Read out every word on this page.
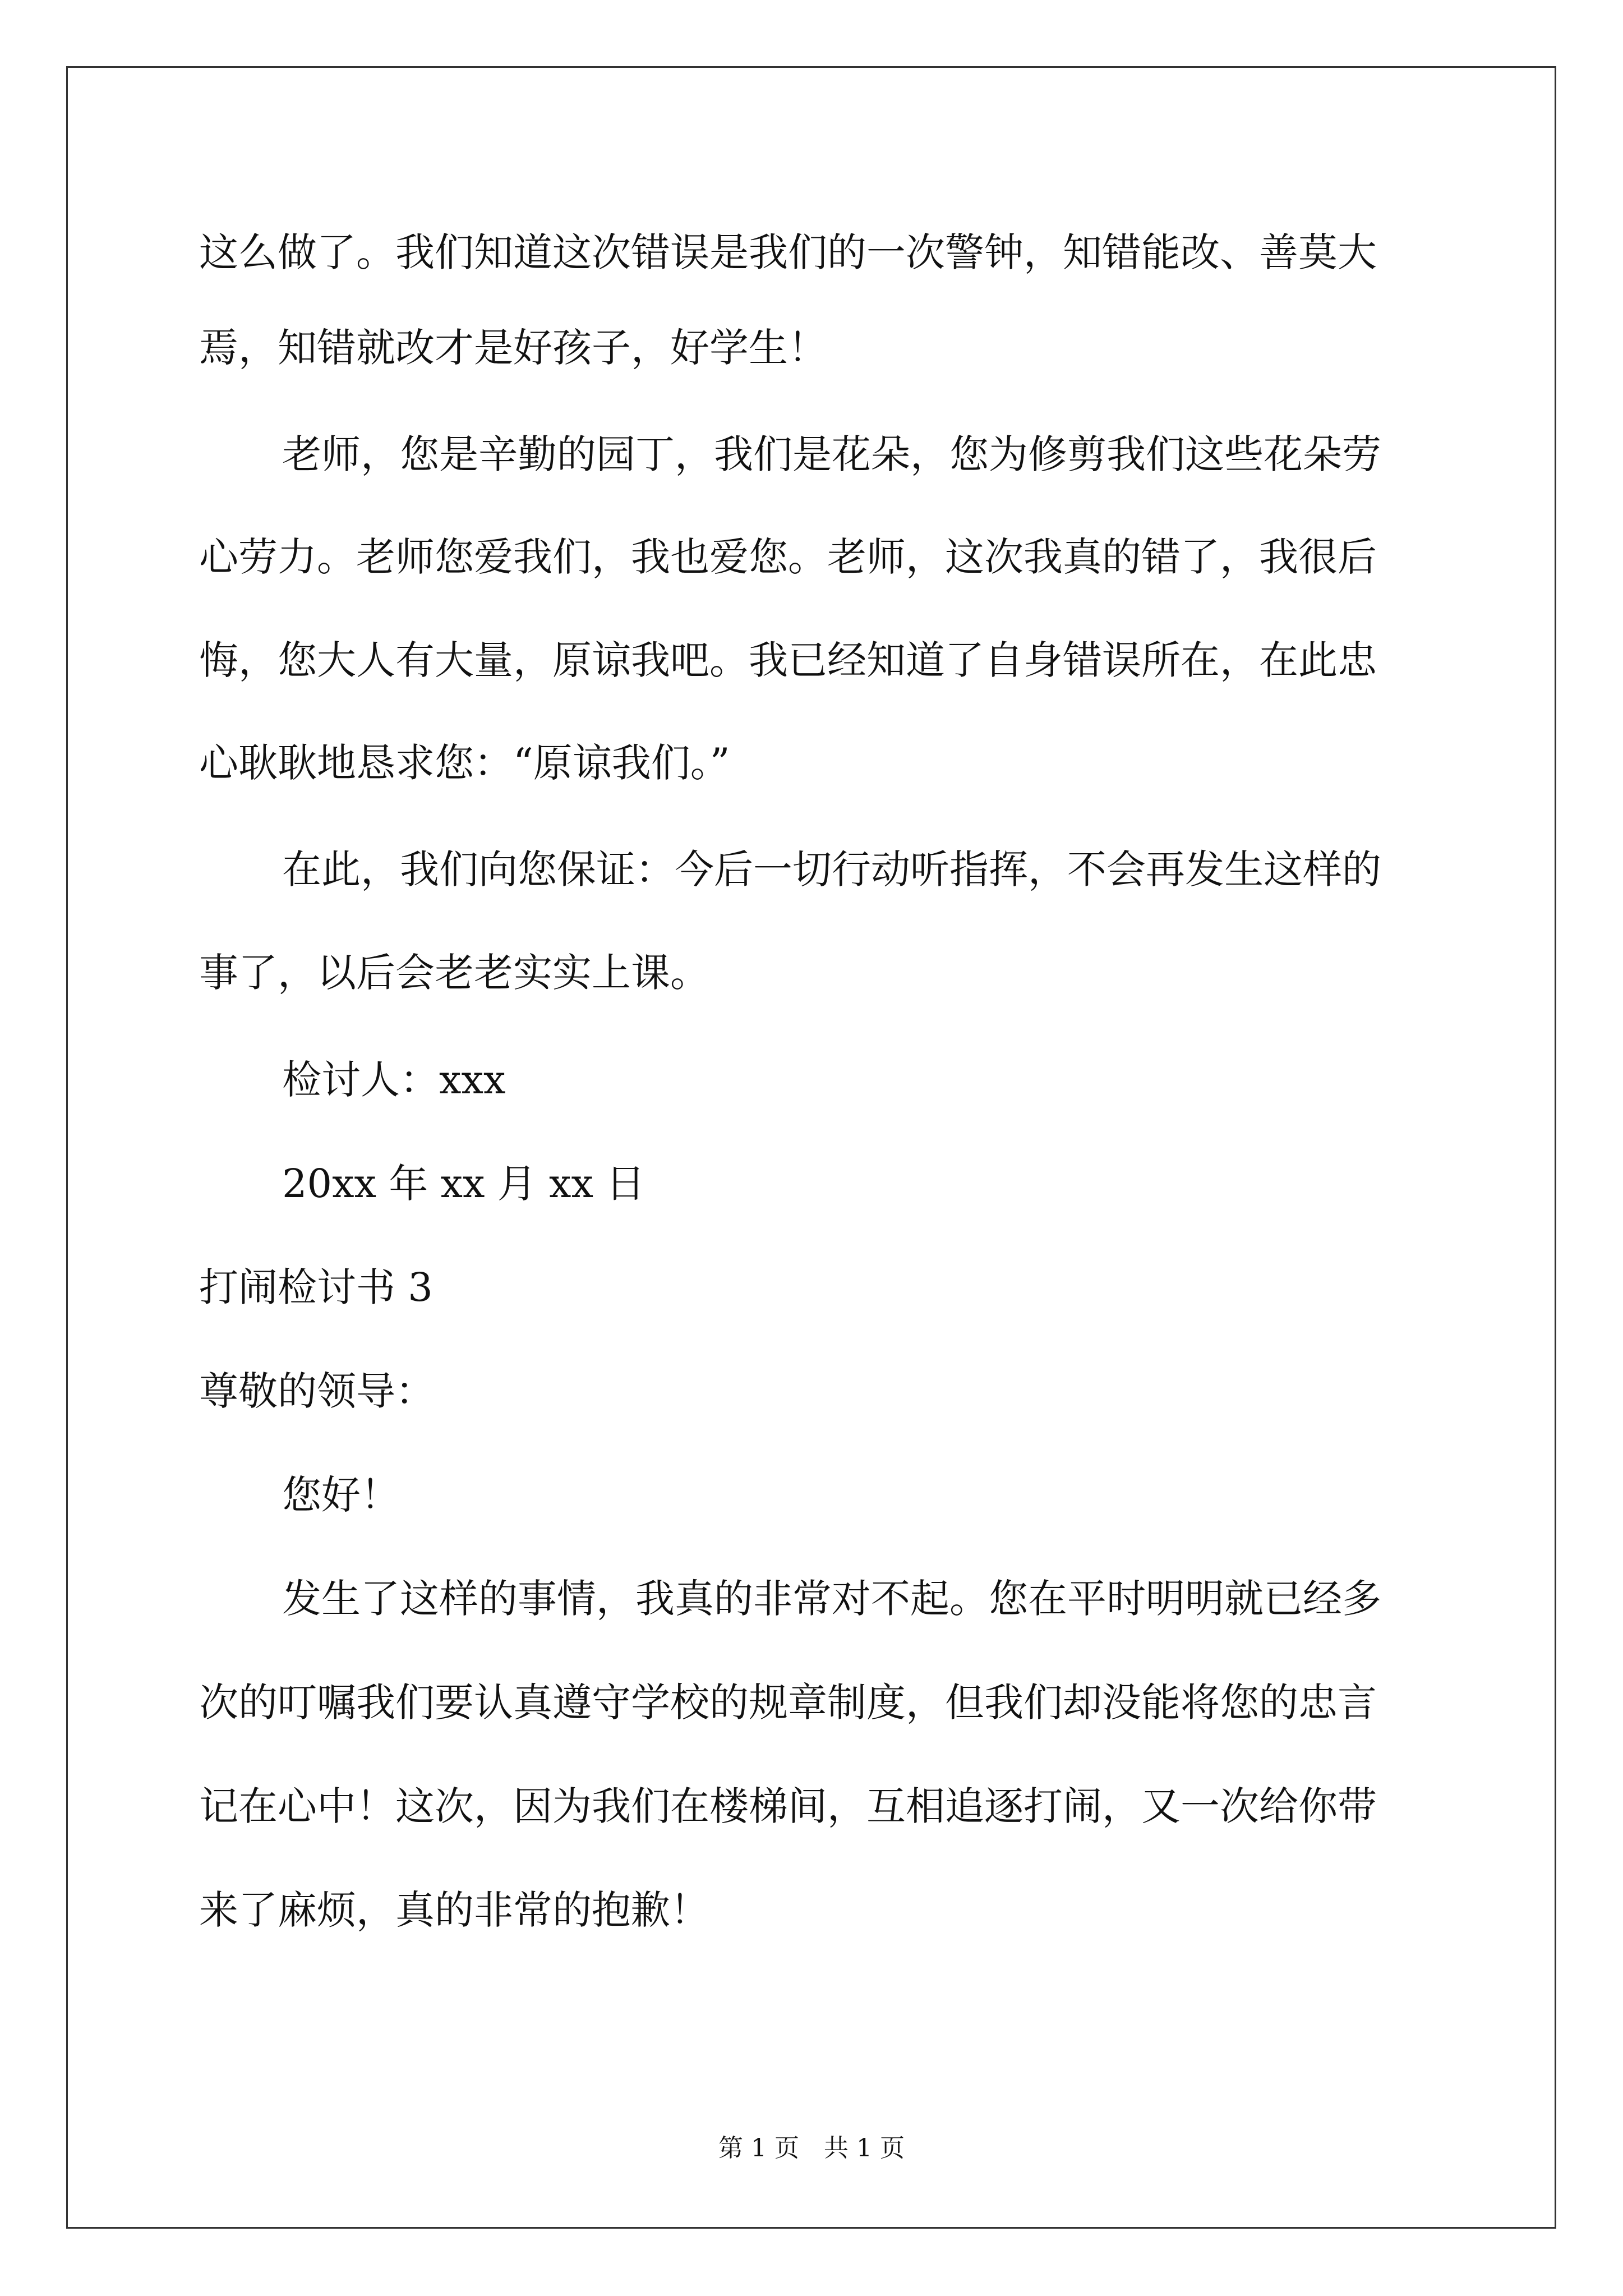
这么做了。我们知道这次错误是我们的一次警钟，知错能改、善莫大
焉，知错就改才是好孩子，好学生！
老师，您是辛勤的园丁，我们是花朵，您为修剪我们这些花朵劳
心劳力。老师您爱我们，我也爱您。老师，这次我真的错了，我很后
悔，您大人有大量，原谅我吧。我已经知道了自身错误所在，在此忠
心耿耿地恳求您：“原谅我们。”
在此，我们向您保证：今后一切行动听指挥，不会再发生这样的
事了，以后会老老实实上课。
检讨人：xxx
20xx 年 xx 月 xx 日
打闹检讨书 3
尊敬的领导：
您好！
发生了这样的事情，我真的非常对不起。您在平时明明就已经多
次的叮嘱我们要认真遵守学校的规章制度，但我们却没能将您的忠言
记在心中！这次，因为我们在楼梯间，互相追逐打闹，又一次给你带
来了麻烦，真的非常的抱歉！
第 1 页　共 1 页
